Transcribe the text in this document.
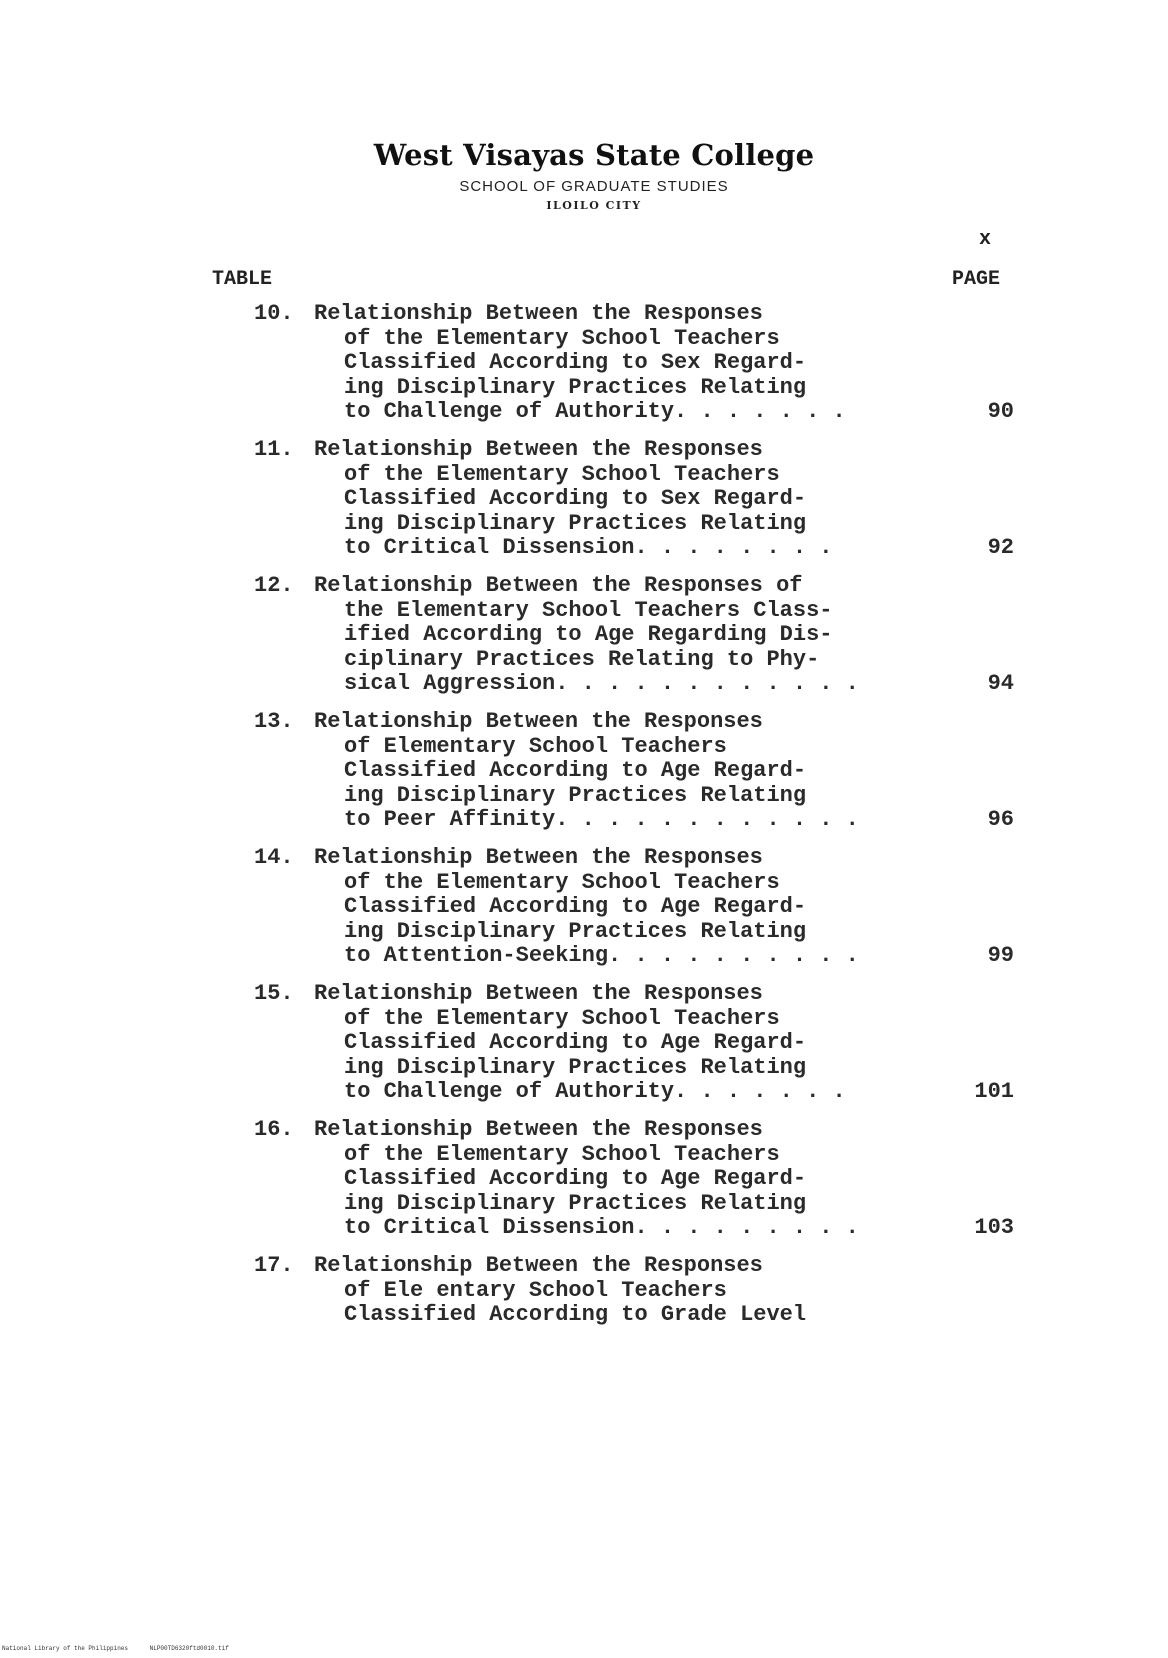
West Visayas State College
SCHOOL OF GRADUATE STUDIES
ILOILO CITY
x
TABLE	PAGE
10. Relationship Between the Responses
of the Elementary School Teachers
Classified According to Sex Regard-
ing Disciplinary Practices Relating
to Challenge of Authority. . . . . . .	90
11. Relationship Between the Responses
of the Elementary School Teachers
Classified According to Sex Regard-
ing Disciplinary Practices Relating
to Critical Dissension. . . . . . . .	92
12. Relationship Between the Responses of
the Elementary School Teachers Class-
ified According to Age Regarding Dis-
ciplinary Practices Relating to Phy-
sical Aggression. . . . . . . . . . . .	94
13. Relationship Between the Responses
of Elementary School Teachers
Classified According to Age Regard-
ing Disciplinary Practices Relating
to Peer Affinity. . . . . . . . . . . .	96
14. Relationship Between the Responses
of the Elementary School Teachers
Classified According to Age Regard-
ing Disciplinary Practices Relating
to Attention-Seeking. . . . . . . . . .	99
15. Relationship Between the Responses
of the Elementary School Teachers
Classified According to Age Regard-
ing Disciplinary Practices Relating
to Challenge of Authority. . . . . . .	101
16. Relationship Between the Responses
of the Elementary School Teachers
Classified According to Age Regard-
ing Disciplinary Practices Relating
to Critical Dissension. . . . . . . . .	103
17. Relationship Between the Responses
of Ele entary School Teachers
Classified According to Grade Level
National Library of the Philippines      NLP00TD6320ftd0010.tif
